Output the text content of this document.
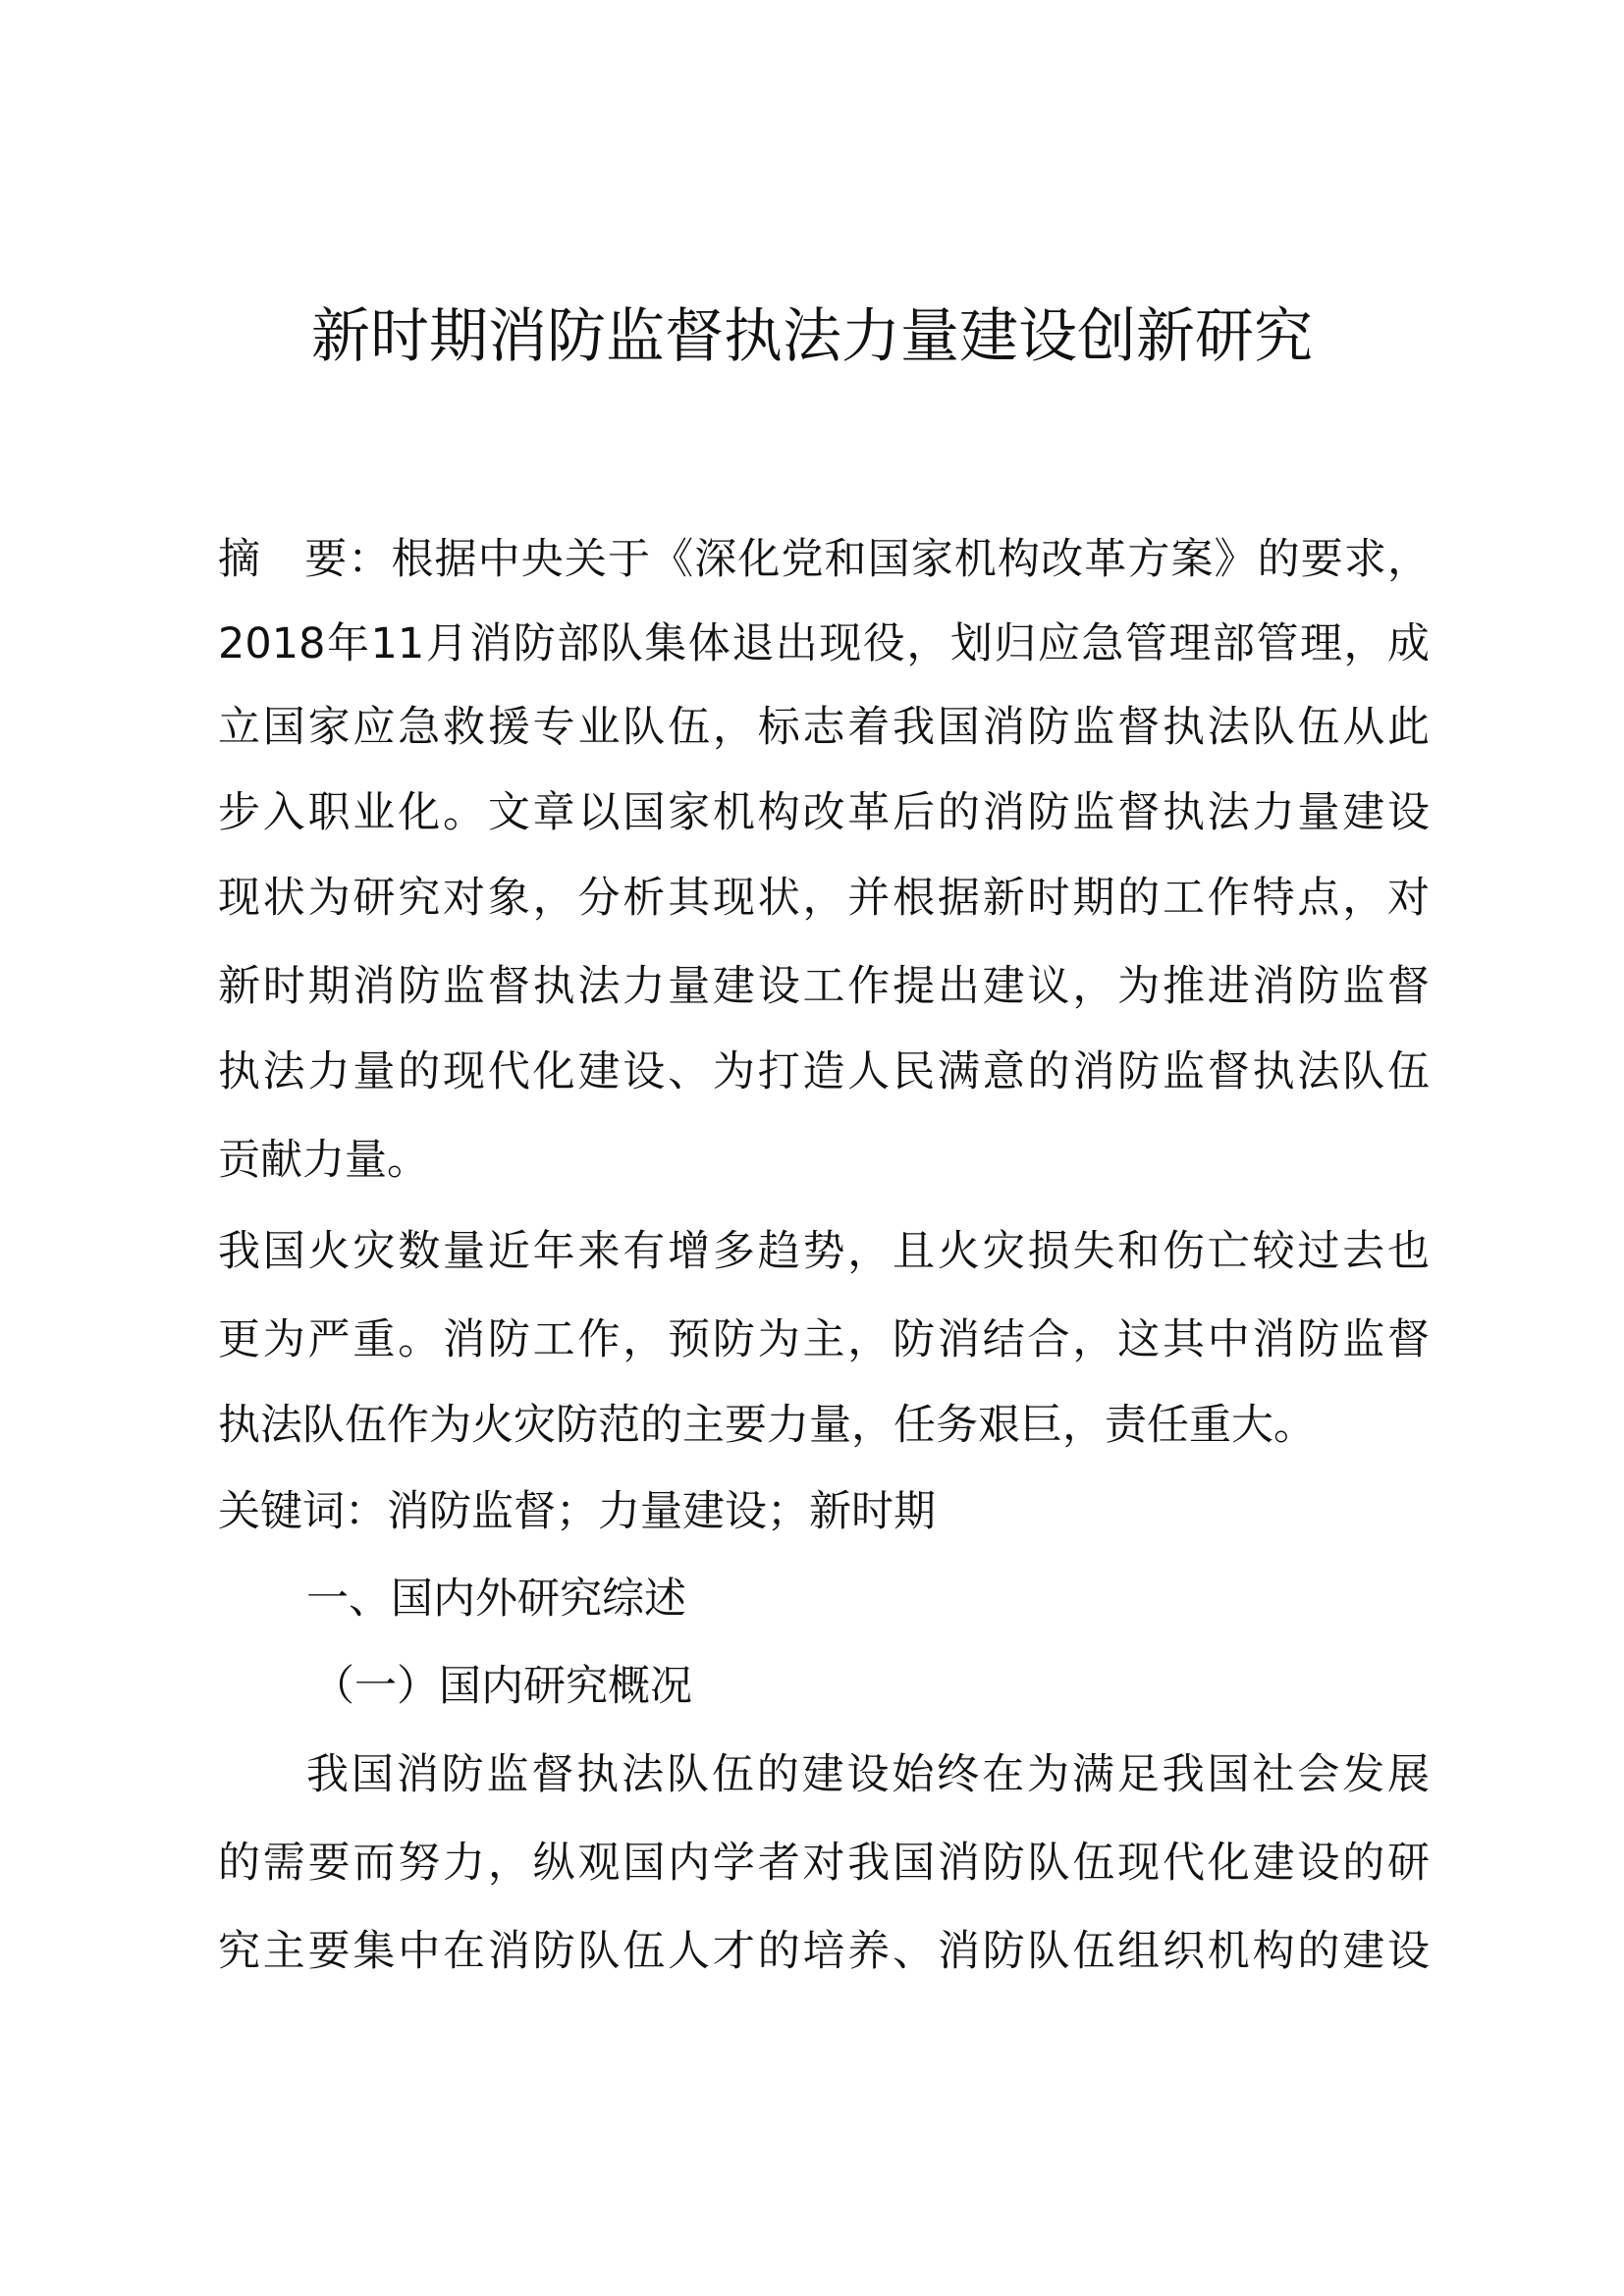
新时期消防监督执法力量建设创新研究
摘　要：根据中央关于《深化党和国家机构改革方案》的要求，
2018年11月消防部队集体退出现役，划归应急管理部管理，成
立国家应急救援专业队伍，标志着我国消防监督执法队伍从此
步入职业化。文章以国家机构改革后的消防监督执法力量建设
现状为研究对象，分析其现状，并根据新时期的工作特点，对
新时期消防监督执法力量建设工作提出建议，为推进消防监督
执法力量的现代化建设、为打造人民满意的消防监督执法队伍
贡献力量。
我国火灾数量近年来有增多趋势，且火灾损失和伤亡较过去也
更为严重。消防工作，预防为主，防消结合，这其中消防监督
执法队伍作为火灾防范的主要力量，任务艰巨，责任重大。
关键词：消防监督；力量建设；新时期
一、国内外研究综述
（一）国内研究概况
我国消防监督执法队伍的建设始终在为满足我国社会发展
的需要而努力，纵观国内学者对我国消防队伍现代化建设的研
究主要集中在消防队伍人才的培养、消防队伍组织机构的建设
